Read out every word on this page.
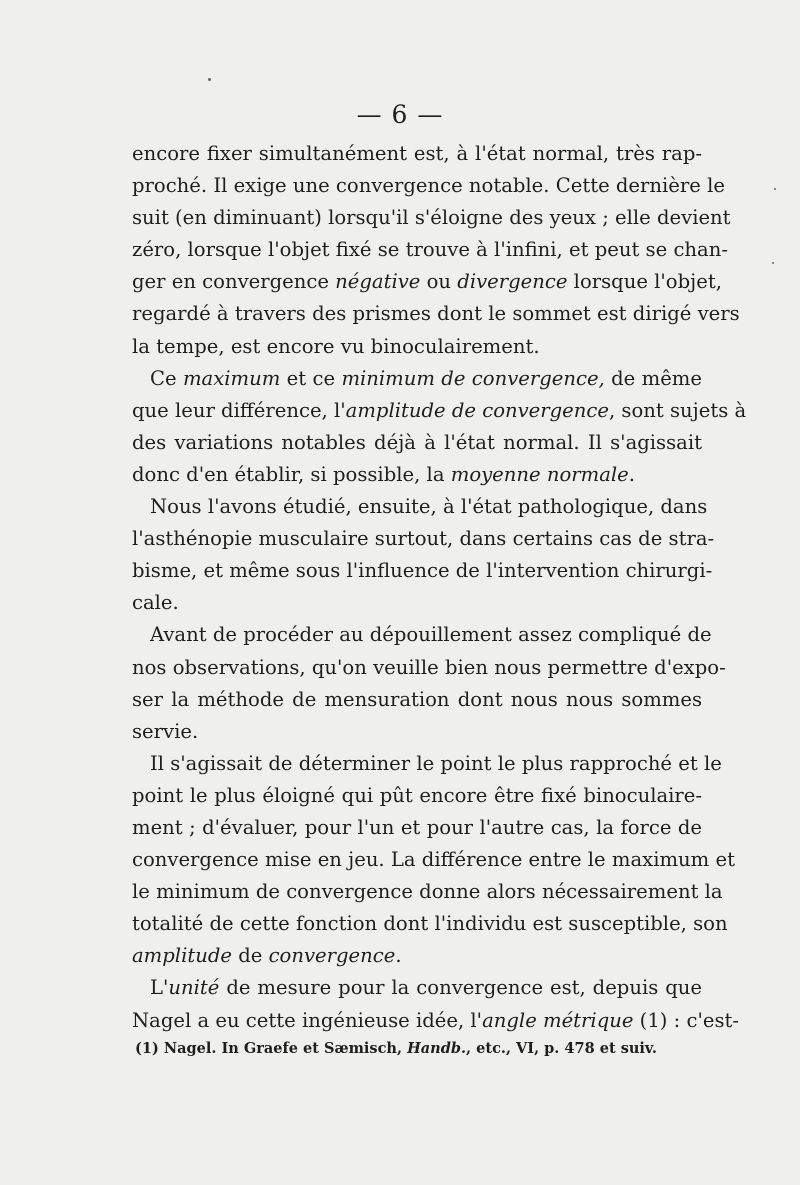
— 6 —
encore fixer simultanément est, à l'état normal, très rap-
proché. Il exige une convergence notable. Cette dernière le
suit (en diminuant) lorsqu'il s'éloigne des yeux ; elle devient
zéro, lorsque l'objet fixé se trouve à l'infini, et peut se chan-
ger en convergence négative ou divergence lorsque l'objet,
regardé à travers des prismes dont le sommet est dirigé vers
la tempe, est encore vu binoculairement.
Ce maximum et ce minimum de convergence, de même
que leur différence, l'amplitude de convergence, sont sujets à
des variations notables déjà à l'état normal. Il s'agissait
donc d'en établir, si possible, la moyenne normale.
Nous l'avons étudié, ensuite, à l'état pathologique, dans
l'asthénopie musculaire surtout, dans certains cas de stra-
bisme, et même sous l'influence de l'intervention chirurgi-
cale.
Avant de procéder au dépouillement assez compliqué de
nos observations, qu'on veuille bien nous permettre d'expo-
ser la méthode de mensuration dont nous nous sommes
servie.
Il s'agissait de déterminer le point le plus rapproché et le
point le plus éloigné qui pût encore être fixé binoculaire-
ment ; d'évaluer, pour l'un et pour l'autre cas, la force de
convergence mise en jeu. La différence entre le maximum et
le minimum de convergence donne alors nécessairement la
totalité de cette fonction dont l'individu est susceptible, son
amplitude de convergence.
L'unité de mesure pour la convergence est, depuis que
Nagel a eu cette ingénieuse idée, l'angle métrique (1) : c'est-
(1) Nagel. In Graefe et Sæmisch, Handb., etc., VI, p. 478 et suiv.
